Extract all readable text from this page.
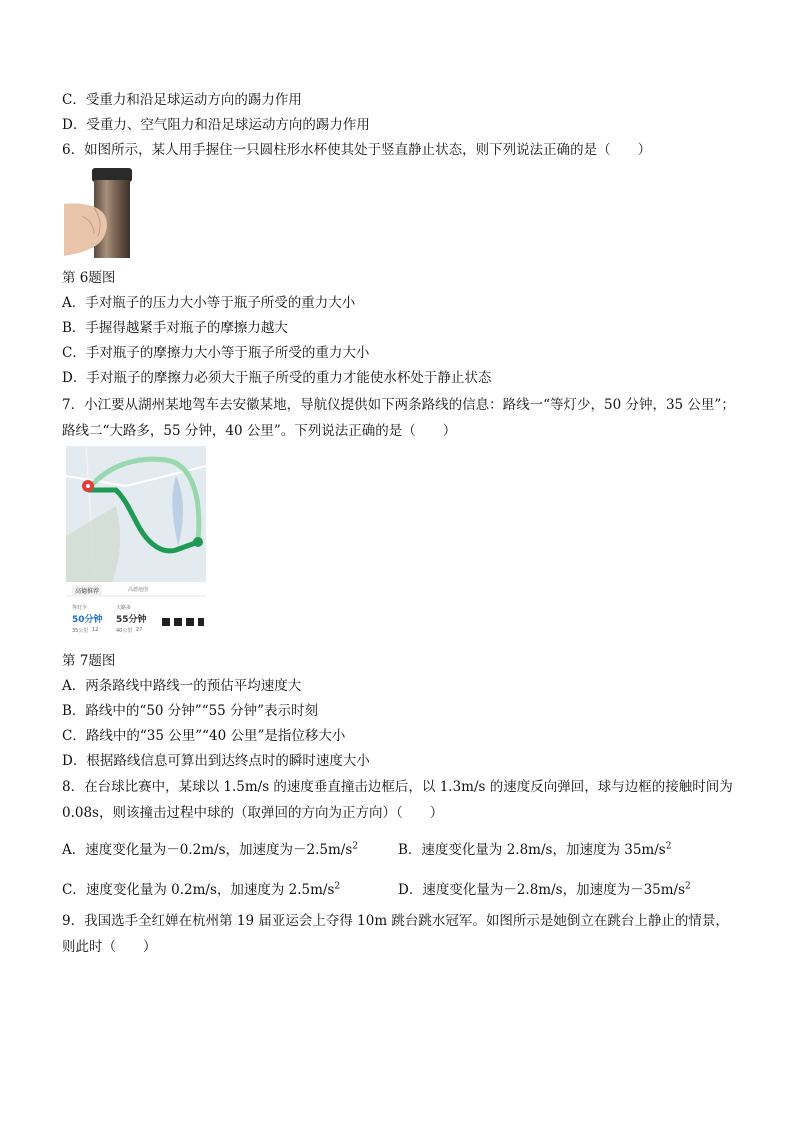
C．受重力和沿足球运动方向的踢力作用
D．受重力、空气阻力和沿足球运动方向的踢力作用
6．如图所示，某人用手握住一只圆柱形水杯使其处于竖直静止状态，则下列说法正确的是（　　）
第 6题图
A．手对瓶子的压力大小等于瓶子所受的重力大小
B．手握得越紧手对瓶子的摩擦力越大
C．手对瓶子的摩擦力大小等于瓶子所受的重力大小
D．手对瓶子的摩擦力必须大于瓶子所受的重力才能使水杯处于静止状态
7．小江要从湖州某地驾车去安徽某地，导航仪提供如下两条路线的信息：路线一“等灯少，50 分钟，35 公里”；路线二“大路多，55 分钟，40 公里”。下列说法正确的是（　　）
高德推荐	高德地图
等灯少
50分钟
35公里 12
大路多
55分钟
40公里 27
第 7题图
A．两条路线中路线一的预估平均速度大
B．路线中的“50 分钟”“55 分钟”表示时刻
C．路线中的“35 公里”“40 公里”是指位移大小
D．根据路线信息可算出到达终点时的瞬时速度大小
8．在台球比赛中，某球以 1.5m/s 的速度垂直撞击边框后，以 1.3m/s 的速度反向弹回，球与边框的接触时间为 0.08s，则该撞击过程中球的（取弹回的方向为正方向）（　　）
A．速度变化量为－0.2m/s，加速度为$-2.5m/s^2$	B．速度变化量为 2.8m/s，加速度为 $35m/s^2$
C．速度变化量为 0.2m/s，加速度为 $2.5m/s^2$	D．速度变化量为－2.8m/s，加速度为$-35m/s^2$
9．我国选手全红婵在杭州第 19 届亚运会上夺得 10m 跳台跳水冠军。如图所示是她倒立在跳台上静止的情景，则此时（　　）
